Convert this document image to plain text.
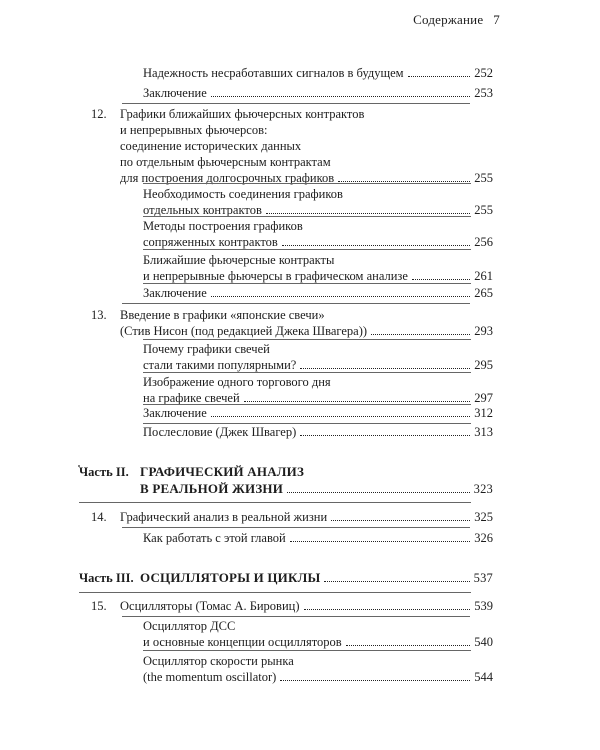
Содержание 7
Надежность несработавших сигналов в будущем	252
Заключение	253
12. Графики ближайших фьючерсных контрактов
и непрерывных фьючерсов:
соединение исторических данных
по отдельным фьючерсным контрактам
для построения долгосрочных графиков	255
Необходимость соединения графиков
отдельных контрактов	255
Методы построения графиков
сопряженных контрактов	256
Ближайшие фьючерсные контракты
и непрерывные фьючерсы в графическом анализе	261
Заключение	265
13. Введение в графики «японские свечи»
(Стив Нисон (под редакцией Джека Швагера))	293
Почему графики свечей
стали такими популярными?	295
Изображение одного торгового дня
на графике свечей	297
Заключение	312
Послесловие (Джек Швагер)	313
Часть II. ГРАФИЧЕСКИЙ АНАЛИЗ
В РЕАЛЬНОЙ ЖИЗНИ	323
14. Графический анализ в реальной жизни	325
Как работать с этой главой	326
Часть III. ОСЦИЛЛЯТОРЫ И ЦИКЛЫ	537
15. Осцилляторы (Томас А. Бировиц)	539
Осциллятор ДСС
и основные концепции осцилляторов	540
Осциллятор скорости рынка
(the momentum oscillator)	544
